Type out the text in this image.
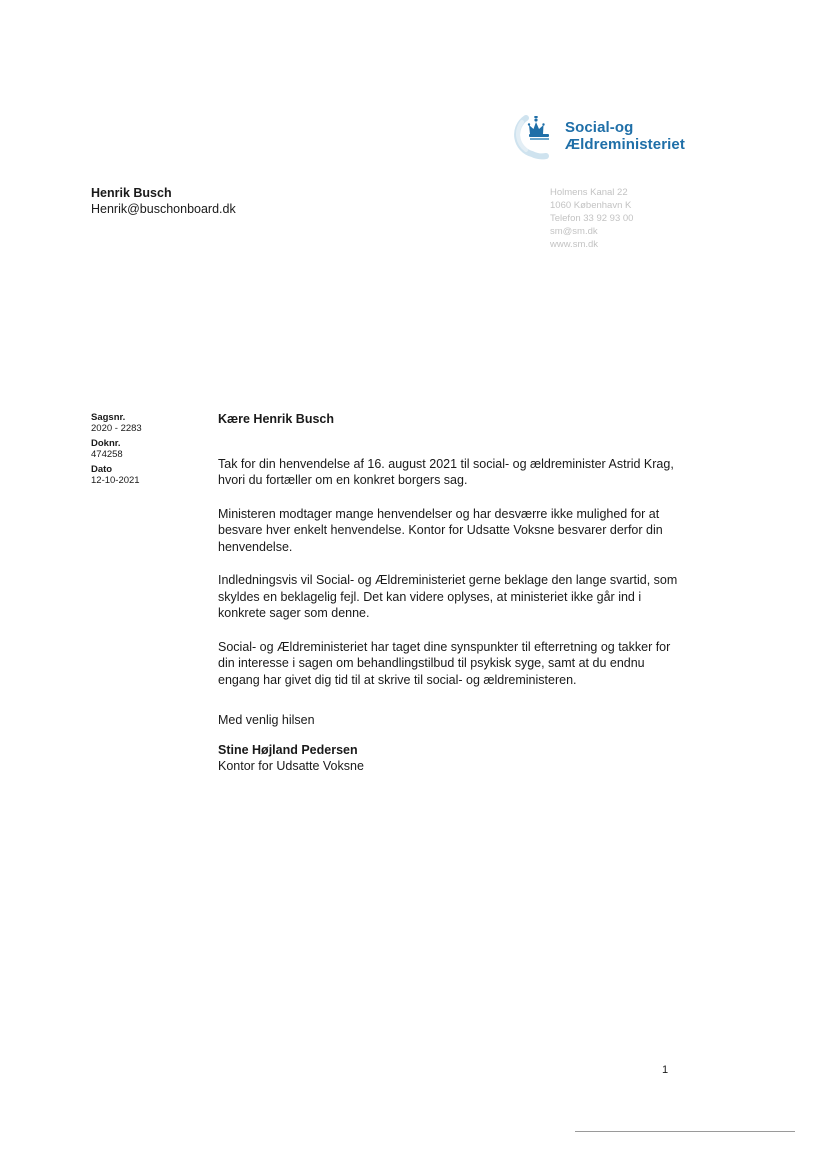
Social-og
Ældreministeriet
Henrik Busch
Henrik@buschonboard.dk
Holmens Kanal 22
1060 København K
Telefon 33 92 93 00
sm@sm.dk
www.sm.dk
Sagsnr.
2020 - 2283
Doknr.
474258
Dato
12-10-2021
Kære Henrik Busch

Tak for din henvendelse af 16. august 2021 til social- og ældreminister Astrid Krag, hvori du fortæller om en konkret borgers sag.

Ministeren modtager mange henvendelser og har desværre ikke mulighed for at besvare hver enkelt henvendelse. Kontor for Udsatte Voksne besvarer derfor din henvendelse.

Indledningsvis vil Social- og Ældreministeriet gerne beklage den lange svartid, som skyldes en beklagelig fejl. Det kan videre oplyses, at ministeriet ikke går ind i konkrete sager som denne.

Social- og Ældreministeriet har taget dine synspunkter til efterretning og takker for din interesse i sagen om behandlingstilbud til psykisk syge, samt at du endnu engang har givet dig tid til at skrive til social- og ældreministeren.

Med venlig hilsen
Stine Højland Pedersen
Kontor for Udsatte Voksne
1
